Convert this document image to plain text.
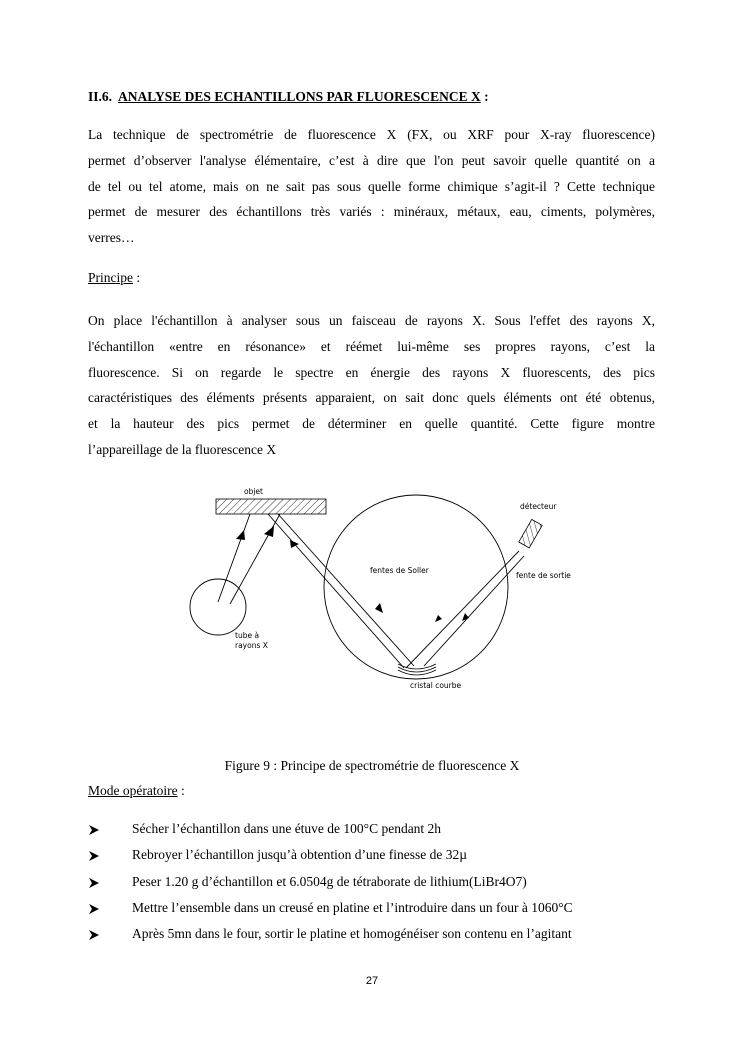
II.6. ANALYSE DES ECHANTILLONS PAR FLUORESCENCE X :
La technique de spectrométrie de fluorescence X (FX, ou XRF pour X-ray fluorescence)
permet d’observer l'analyse élémentaire, c’est à dire que l'on peut savoir quelle quantité on a
de tel ou tel atome, mais on ne sait pas sous quelle forme chimique s’agit-il ? Cette technique
permet de mesurer des échantillons très variés : minéraux, métaux, eau, ciments, polymères,
verres…
Principe :
On place l'échantillon à analyser sous un faisceau de rayons X. Sous l'effet des rayons X,
l'échantillon «entre en résonance» et réémet lui-même ses propres rayons, c’est la
fluorescence. Si on regarde le spectre en énergie des rayons X fluorescents, des pics
caractéristiques des éléments présents apparaient, on sait donc quels éléments ont été obtenus,
et la hauteur des pics permet de déterminer en quelle quantité. Cette figure montre
l’appareillage de la fluorescence X
objet
tube à
rayons X
fentes de Soller
cristal courbe
détecteur
fente de sortie
Figure 9 : Principe de spectrométrie de fluorescence X
Mode opératoire :
Sécher l’échantillon dans une étuve de 100°C pendant 2h
Rebroyer l’échantillon jusqu’à obtention d’une finesse de 32µ
Peser 1.20 g d’échantillon et 6.0504g de tétraborate de lithium(LiBr4O7)
Mettre l’ensemble dans un creusé en platine et l’introduire dans un four à 1060°C
Après 5mn dans le four, sortir le platine et homogénéiser son contenu en l’agitant
27
